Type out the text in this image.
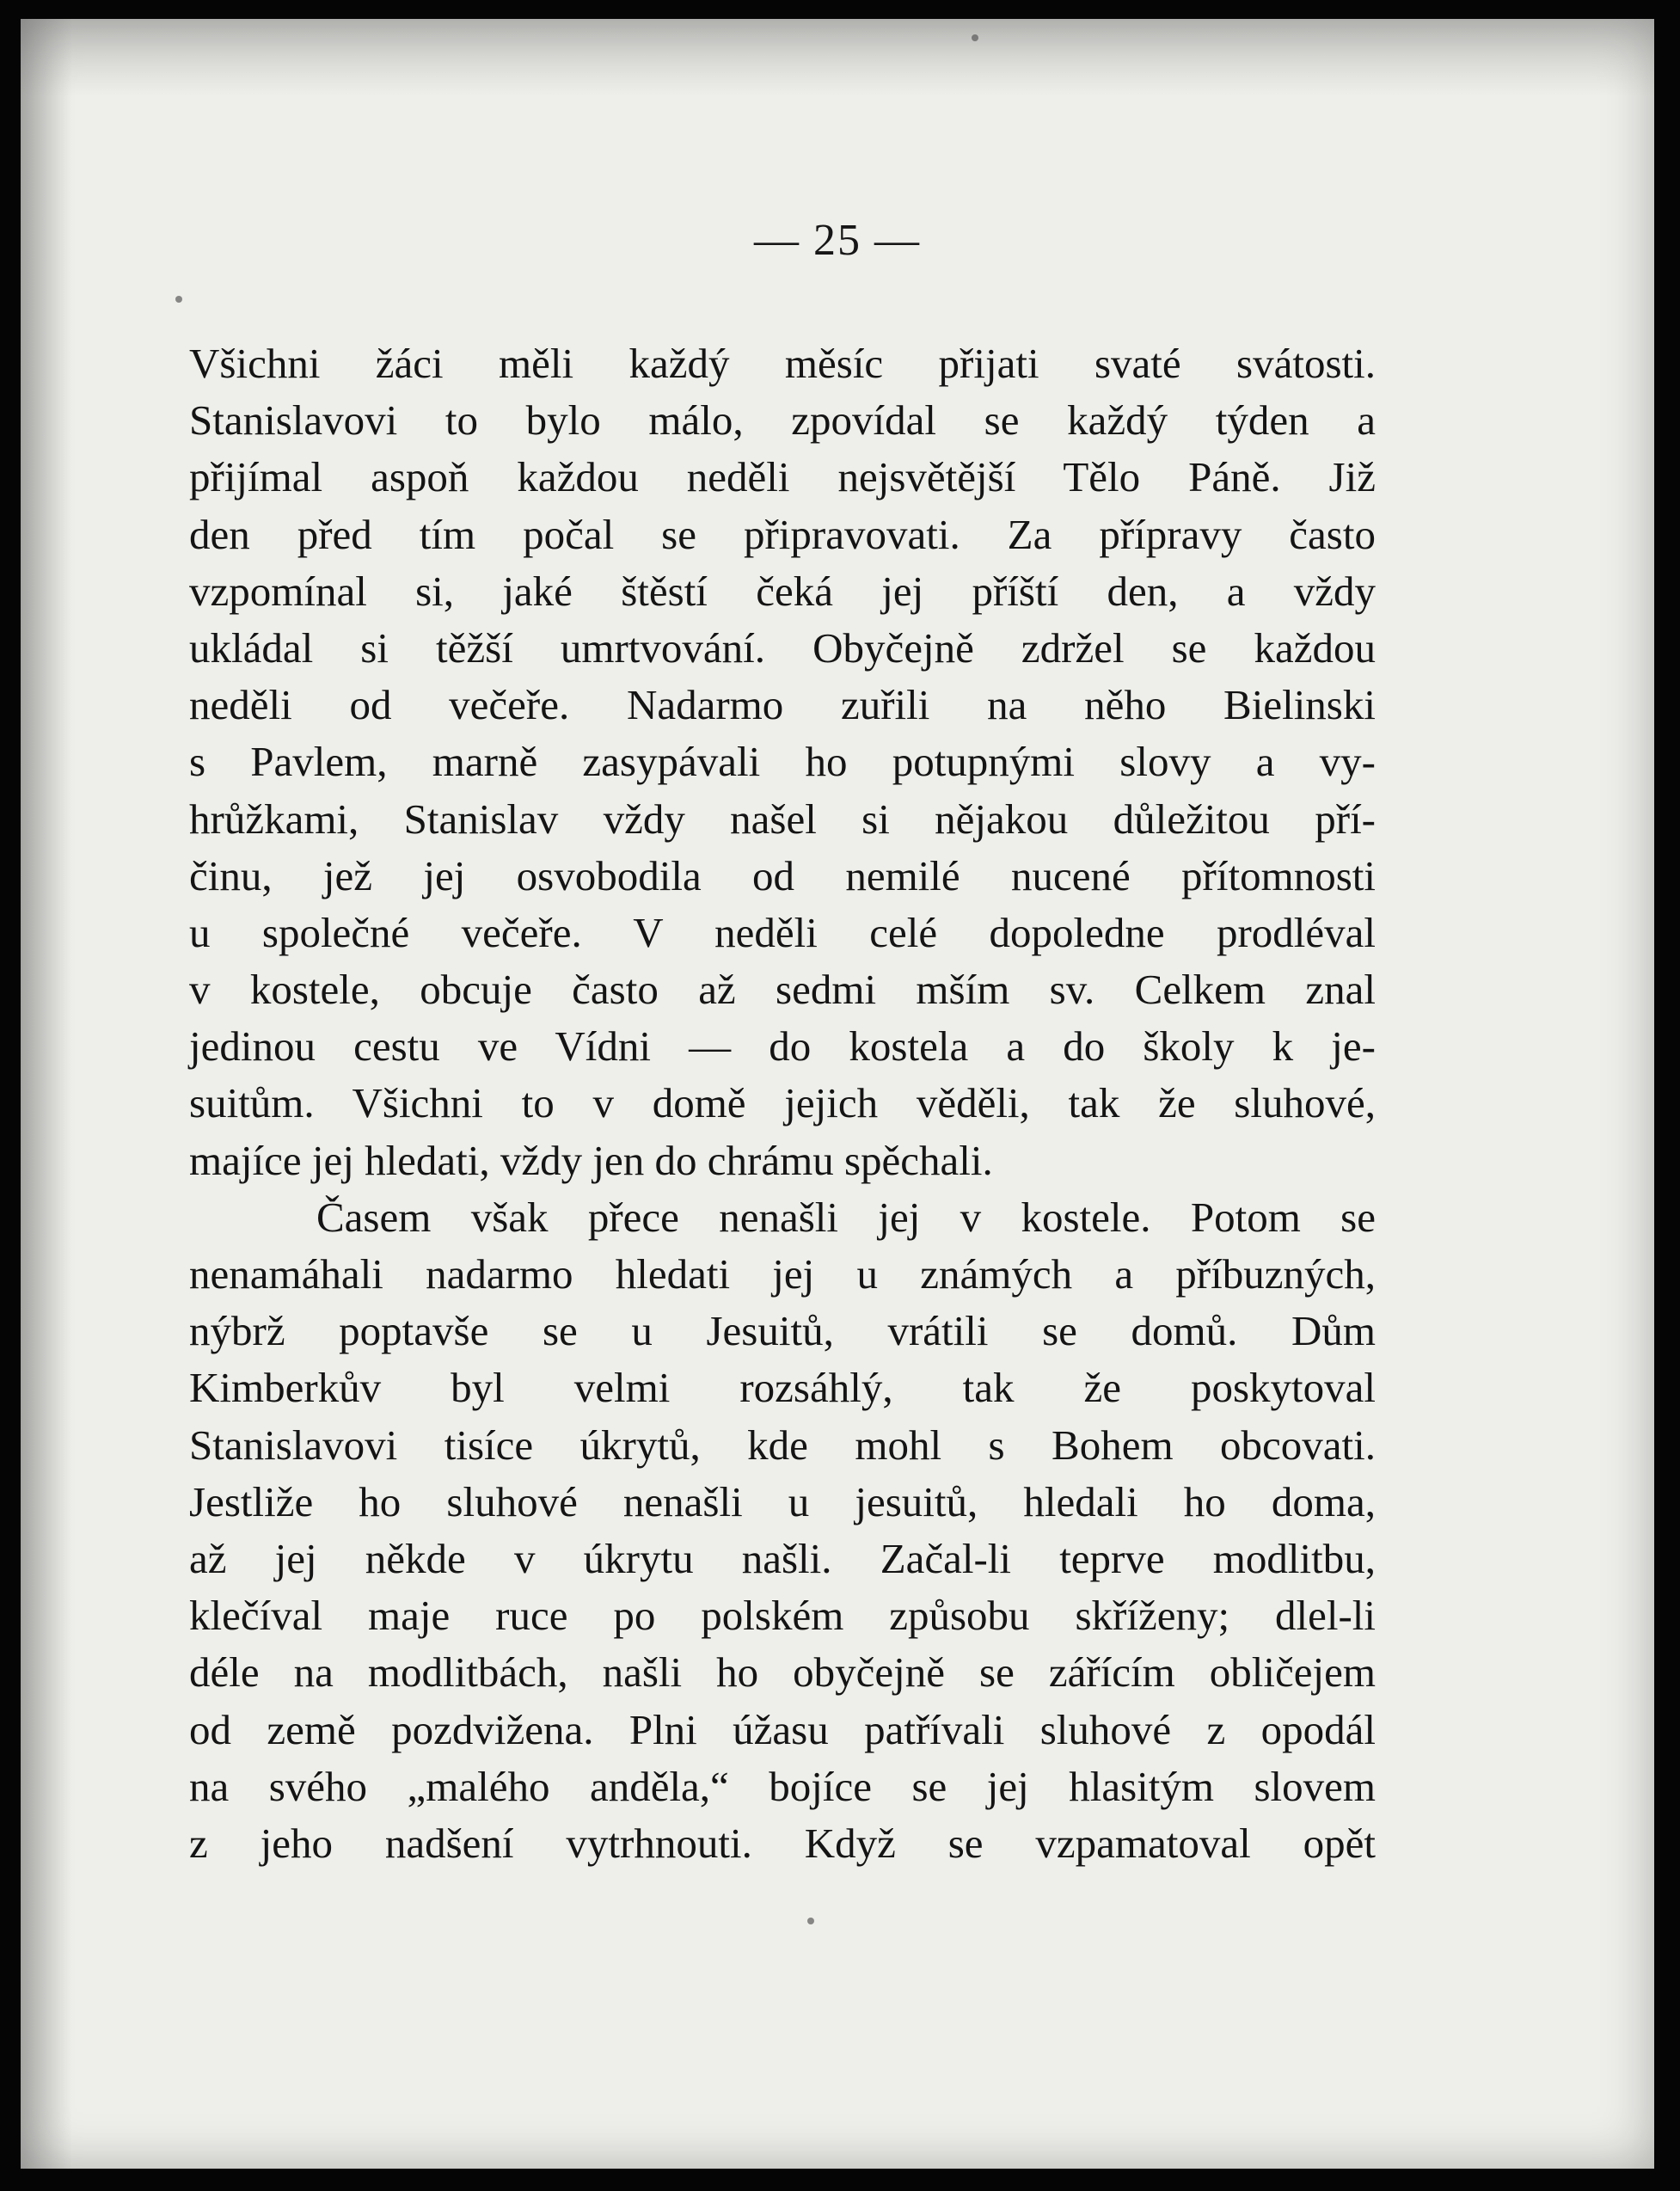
— 25 —
Všichni žáci měli každý měsíc přijati svaté svátosti.
Stanislavovi to bylo málo, zpovídal se každý týden a
přijímal aspoň každou neděli nejsvětější Tělo Páně. Již
den před tím počal se připravovati. Za přípravy často
vzpomínal si, jaké štěstí čeká jej příští den, a vždy
ukládal si těžší umrtvování. Obyčejně zdržel se každou
neděli od večeře. Nadarmo zuřili na něho Bielinski
s Pavlem, marně zasypávali ho potupnými slovy a vy-
hrůžkami, Stanislav vždy našel si nějakou důležitou pří-
činu, jež jej osvobodila od nemilé nucené přítomnosti
u společné večeře. V neděli celé dopoledne prodléval
v kostele, obcuje často až sedmi mším sv. Celkem znal
jedinou cestu ve Vídni — do kostela a do školy k je-
suitům. Všichni to v domě jejich věděli, tak že sluhové,
majíce jej hledati, vždy jen do chrámu spěchali.
Časem však přece nenašli jej v kostele. Potom se
nenamáhali nadarmo hledati jej u známých a příbuzných,
nýbrž poptavše se u Jesuitů, vrátili se domů. Dům
Kimberkův byl velmi rozsáhlý, tak že poskytoval
Stanislavovi tisíce úkrytů, kde mohl s Bohem obcovati.
Jestliže ho sluhové nenašli u jesuitů, hledali ho doma,
až jej někde v úkrytu našli. Začal-li teprve modlitbu,
klečíval maje ruce po polském způsobu skříženy; dlel-li
déle na modlitbách, našli ho obyčejně se zářícím obličejem
od země pozdvižena. Plni úžasu patřívali sluhové z opodál
na svého „malého anděla,“ bojíce se jej hlasitým slovem
z jeho nadšení vytrhnouti. Když se vzpamatoval opět
